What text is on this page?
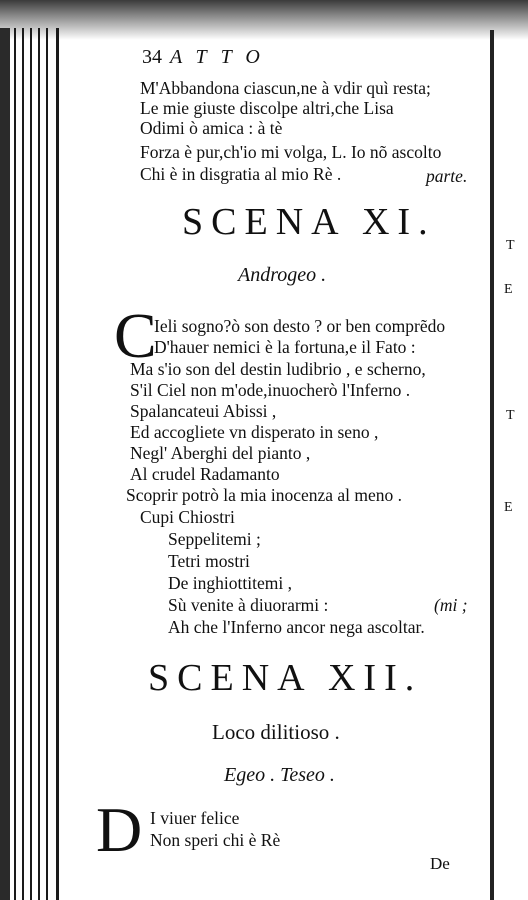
T
E
T
E
34 ATTO
M'Abbandona ciascun,ne à vdir quì resta;
Le mie giuste discolpe altri,che Lisa
Odimi ò amica : à tè
Forza è pur,ch'io mi volga, L. Io nõ ascolto
Chi è in disgratia al mio Rè .	parte.
SCENA XI.
Androgeo .
C
Ieli sogno?ò son desto ? or ben comprẽdo
D'hauer nemici è la fortuna,e il Fato :
Ma s'io son del destin ludibrio , e scherno,
S'il Ciel non m'ode,inuocherò l'Inferno .
Spalancateui Abissi ,
Ed accogliete vn disperato in seno ,
Negl' Aberghi del pianto ,
Al crudel Radamanto
Scoprir potrò la mia inocenza al meno .
Cupi Chiostri
Seppelitemi ;
Tetri mostri
De inghiottitemi ,
Sù venite à diuorarmi :	(mi ;
Ah che l'Inferno ancor nega ascoltar.
SCENA XII.
Loco dilitioso .
Egeo . Teseo .
D I viuer felice
Non speri chi è Rè
De
